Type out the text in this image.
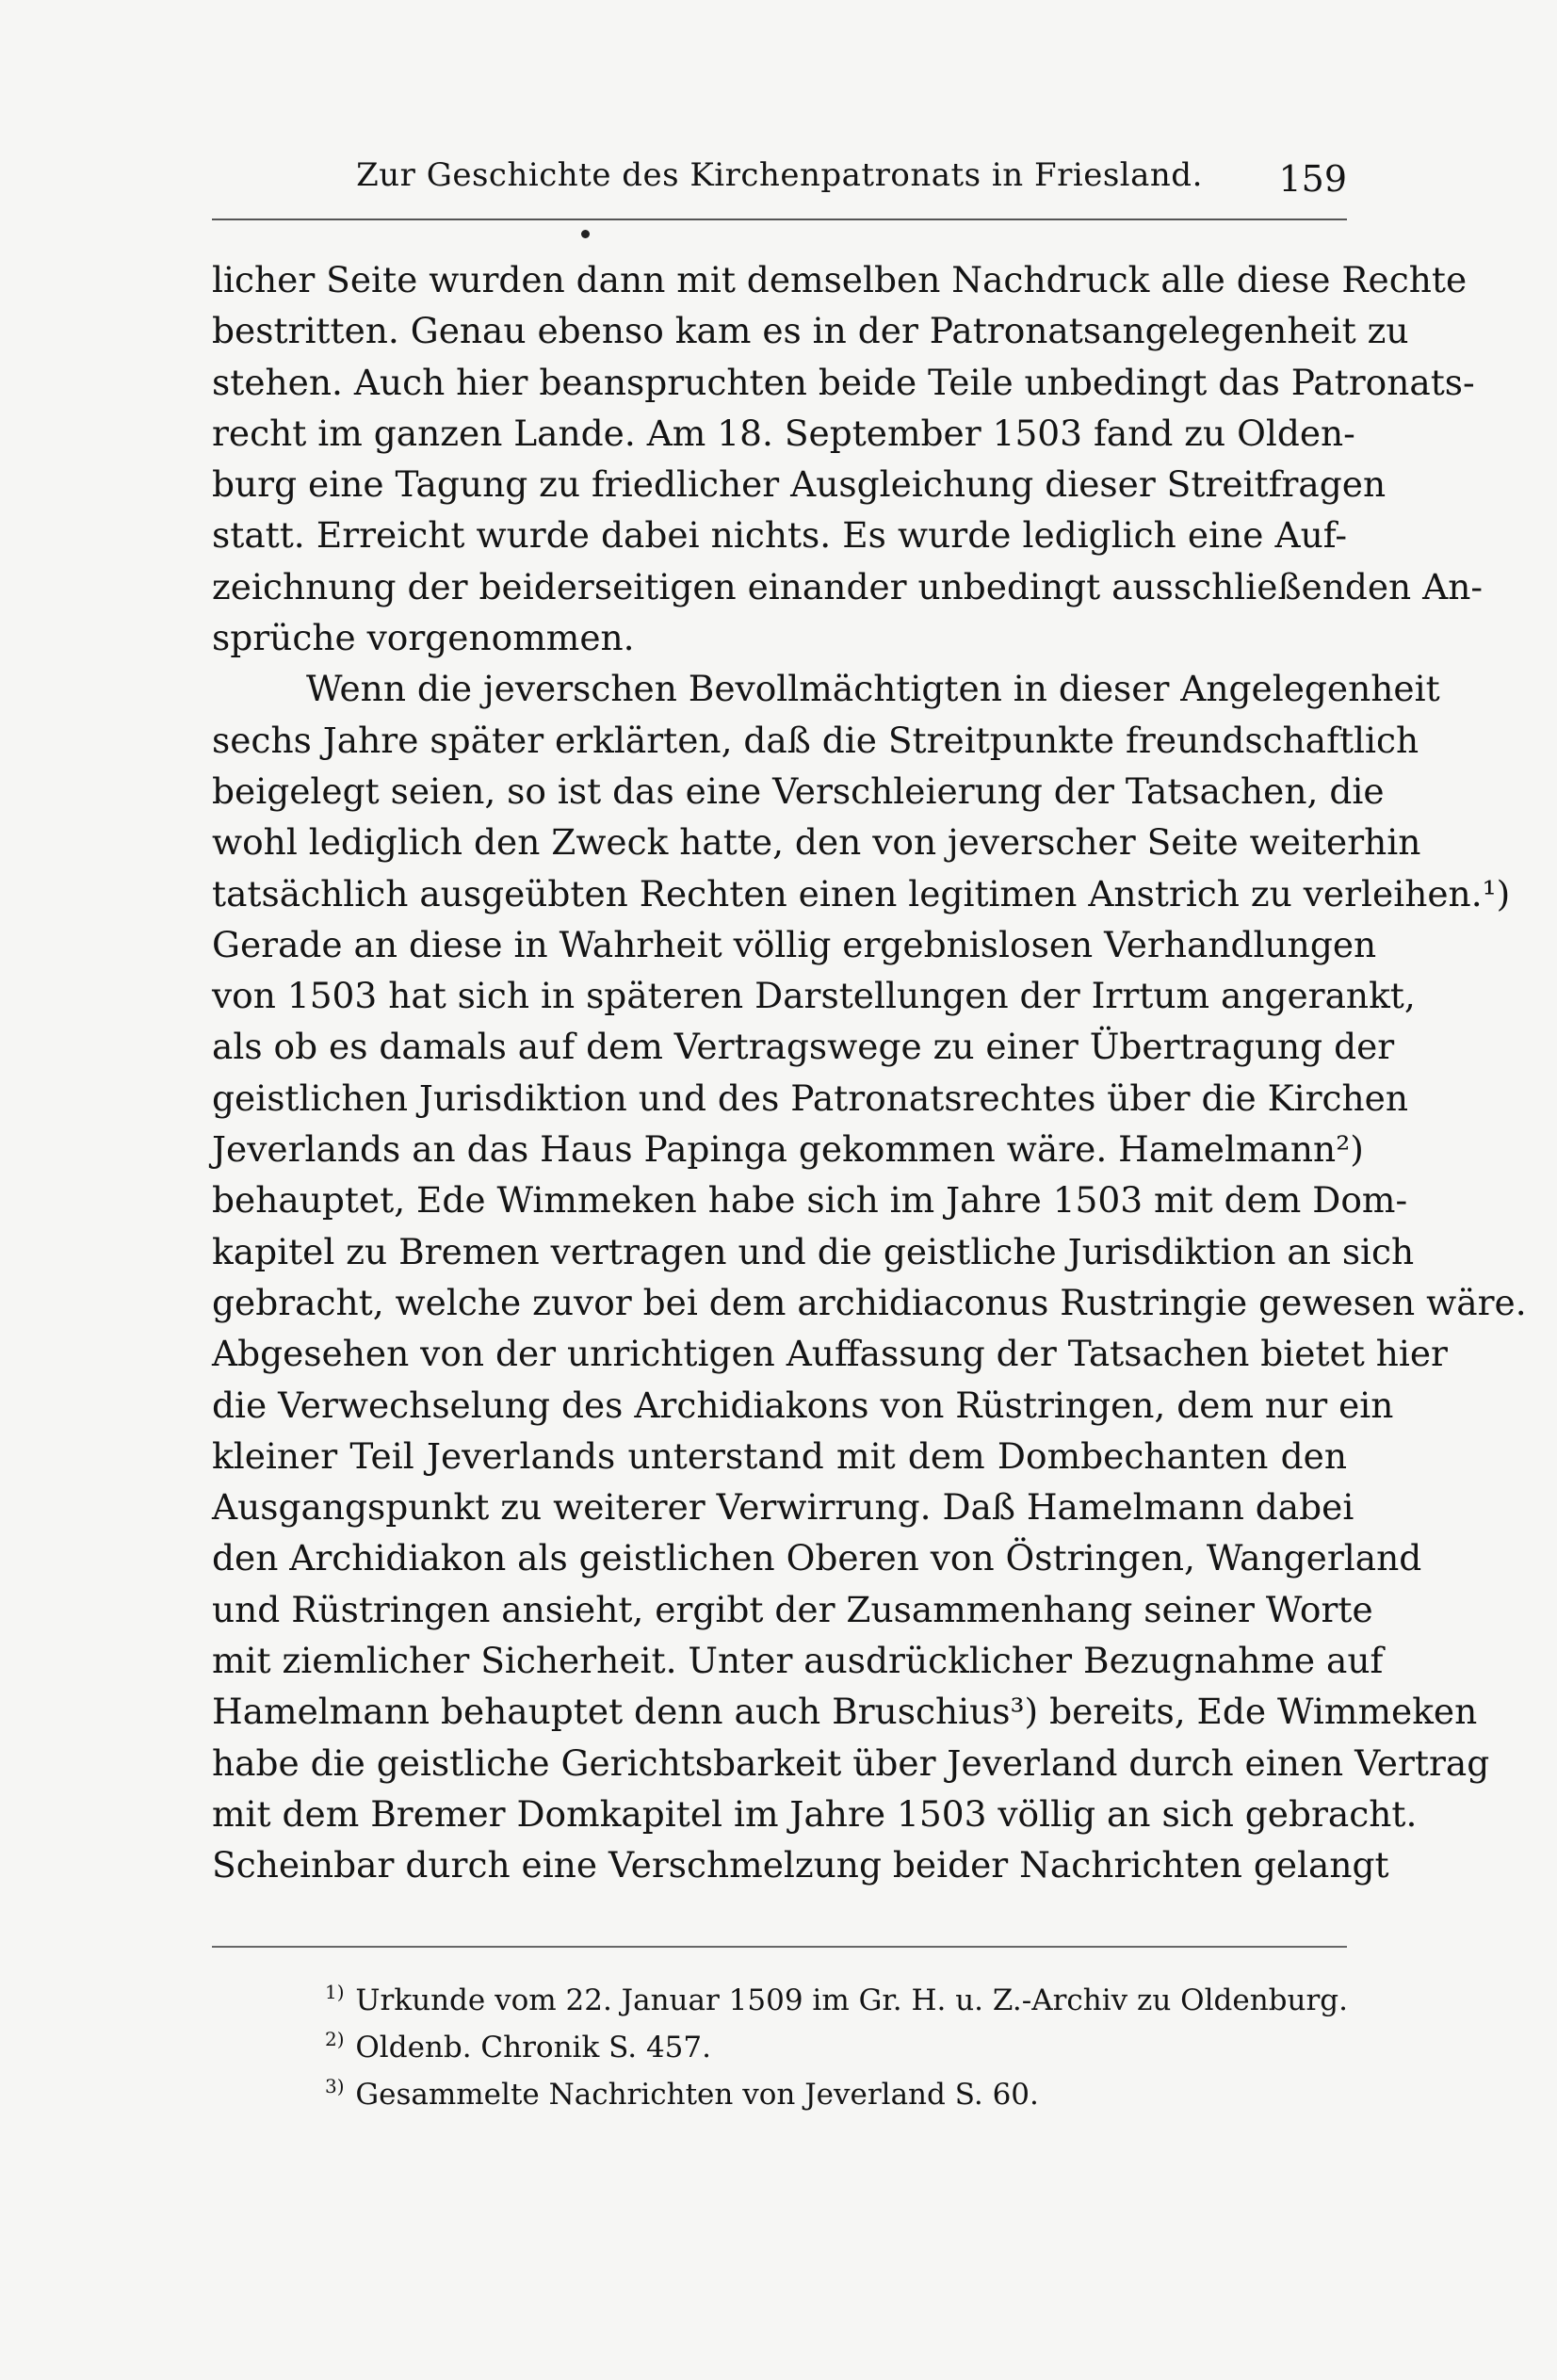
Zur Geschichte des Kirchenpatronats in Friesland.	159
licher Seite wurden dann mit demselben Nachdruck alle diese Rechte
bestritten. Genau ebenso kam es in der Patronatsangelegenheit zu
stehen. Auch hier beanspruchten beide Teile unbedingt das Patronats-
recht im ganzen Lande. Am 18. September 1503 fand zu Olden-
burg eine Tagung zu friedlicher Ausgleichung dieser Streitfragen
statt. Erreicht wurde dabei nichts. Es wurde lediglich eine Auf-
zeichnung der beiderseitigen einander unbedingt ausschließenden An-
sprüche vorgenommen.
Wenn die jeverschen Bevollmächtigten in dieser Angelegenheit
sechs Jahre später erklärten, daß die Streitpunkte freundschaftlich
beigelegt seien, so ist das eine Verschleierung der Tatsachen, die
wohl lediglich den Zweck hatte, den von jeverscher Seite weiterhin
tatsächlich ausgeübten Rechten einen legitimen Anstrich zu verleihen.¹)
Gerade an diese in Wahrheit völlig ergebnislosen Verhandlungen
von 1503 hat sich in späteren Darstellungen der Irrtum angerankt,
als ob es damals auf dem Vertragswege zu einer Übertragung der
geistlichen Jurisdiktion und des Patronatsrechtes über die Kirchen
Jeverlands an das Haus Papinga gekommen wäre. Hamelmann²)
behauptet, Ede Wimmeken habe sich im Jahre 1503 mit dem Dom-
kapitel zu Bremen vertragen und die geistliche Jurisdiktion an sich
gebracht, welche zuvor bei dem archidiaconus Rustringie gewesen wäre.
Abgesehen von der unrichtigen Auffassung der Tatsachen bietet hier
die Verwechselung des Archidiakons von Rüstringen, dem nur ein
kleiner Teil Jeverlands unterstand mit dem Dombechanten den
Ausgangspunkt zu weiterer Verwirrung. Daß Hamelmann dabei
den Archidiakon als geistlichen Oberen von Östringen, Wangerland
und Rüstringen ansieht, ergibt der Zusammenhang seiner Worte
mit ziemlicher Sicherheit. Unter ausdrücklicher Bezugnahme auf
Hamelmann behauptet denn auch Bruschius³) bereits, Ede Wimmeken
habe die geistliche Gerichtsbarkeit über Jeverland durch einen Vertrag
mit dem Bremer Domkapitel im Jahre 1503 völlig an sich gebracht.
Scheinbar durch eine Verschmelzung beider Nachrichten gelangt
$^{1)}$ Urkunde vom 22. Januar 1509 im Gr. H. u. Z.-Archiv zu Oldenburg.
$^{2)}$ Oldenb. Chronik S. 457.
$^{3)}$ Gesammelte Nachrichten von Jeverland S. 60.
